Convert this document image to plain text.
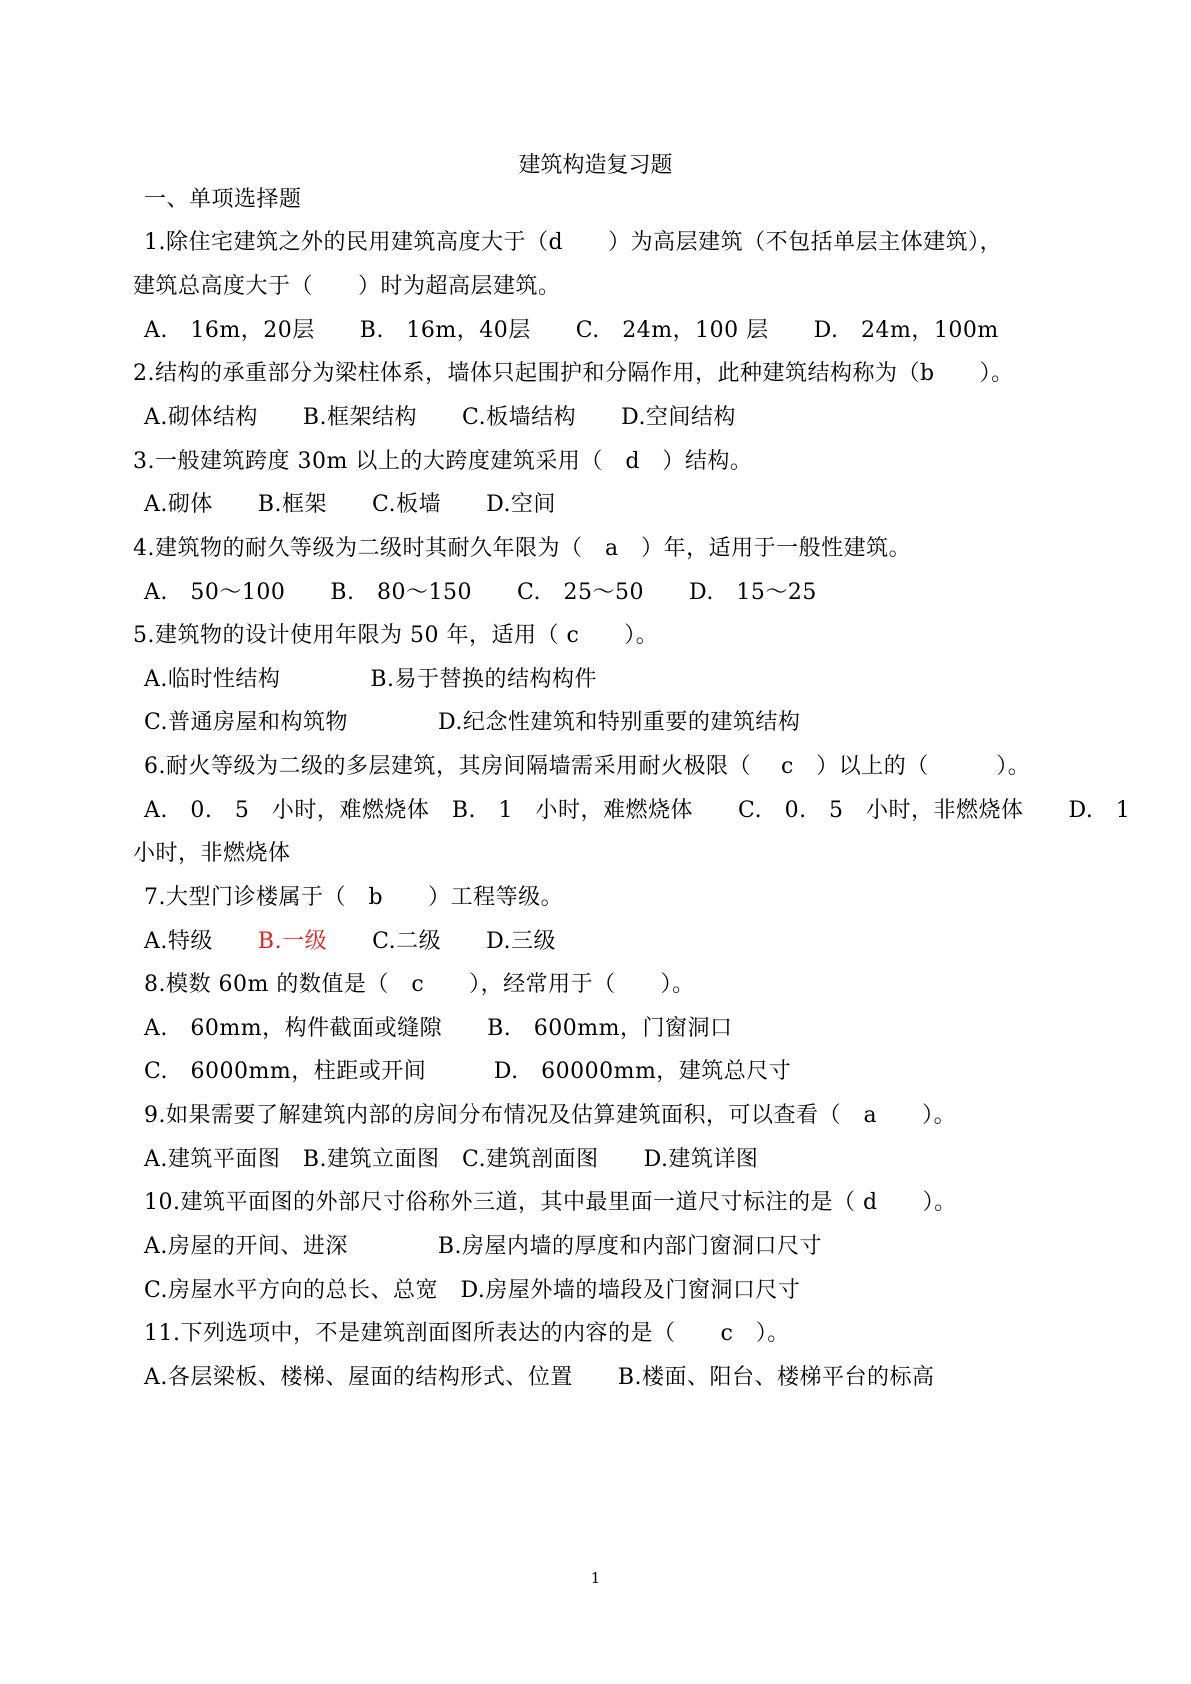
建筑构造复习题
一、单项选择题
1.除住宅建筑之外的民用建筑高度大于（d　　）为高层建筑（不包括单层主体建筑），
建筑总高度大于（　　）时为超高层建筑。
A.　16m，20层　　B.　16m，40层　　C.　24m，100 层　　D.　24m，100m
2.结构的承重部分为梁柱体系，墙体只起围护和分隔作用，此种建筑结构称为（b　　）。
A.砌体结构　　B.框架结构　　C.板墙结构　　D.空间结构
3.一般建筑跨度 30m 以上的大跨度建筑采用（　d　）结构。
A.砌体　　B.框架　　C.板墙　　D.空间
4.建筑物的耐久等级为二级时其耐久年限为（　a　）年，适用于一般性建筑。
A.　50～100　　B.　80～150　　C.　25～50　　D.　15～25
5.建筑物的设计使用年限为 50 年，适用（ c　　）。
A.临时性结构　　　　B.易于替换的结构构件
C.普通房屋和构筑物　　　　D.纪念性建筑和特别重要的建筑结构
6.耐火等级为二级的多层建筑，其房间隔墙需采用耐火极限（　 c　）以上的（　　　）。
A.　0.　5　小时，难燃烧体　B.　1　小时，难燃烧体　　C.　0.　5　小时，非燃烧体　　D.　1
小时，非燃烧体
7.大型门诊楼属于（　b　　）工程等级。
A.特级　　 B.一级　　 C.二级　　 D.三级
8.模数 60m 的数值是（　c　　），经常用于（　　）。
A.　60mm，构件截面或缝隙　　B.　600mm，门窗洞口
C.　6000mm，柱距或开间　　　D.　60000mm，建筑总尺寸
9.如果需要了解建筑内部的房间分布情况及估算建筑面积，可以查看（　a　　）。
A.建筑平面图　B.建筑立面图　C.建筑剖面图　　D.建筑详图
10.建筑平面图的外部尺寸俗称外三道，其中最里面一道尺寸标注的是（ d　　）。
A.房屋的开间、进深　　　　B.房屋内墙的厚度和内部门窗洞口尺寸
C.房屋水平方向的总长、总宽　D.房屋外墙的墙段及门窗洞口尺寸
11.下列选项中，不是建筑剖面图所表达的内容的是（　　c　）。
A.各层梁板、楼梯、屋面的结构形式、位置　　B.楼面、阳台、楼梯平台的标高
1
